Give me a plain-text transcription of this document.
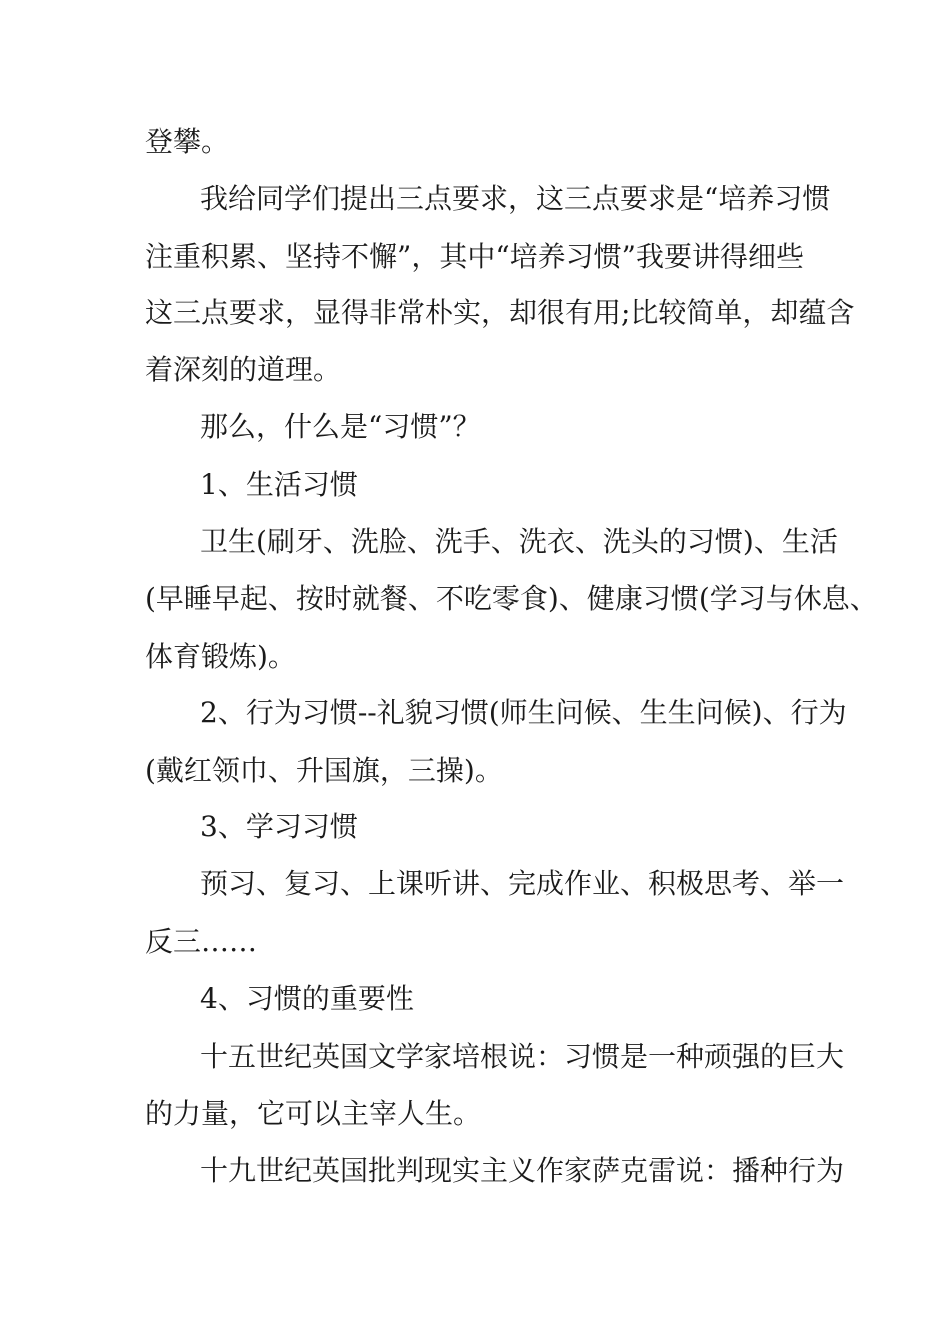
登攀。

我给同学们提出三点要求，这三点要求是“培养习惯

注重积累、坚持不懈”，其中“培养习惯”我要讲得细些

这三点要求，显得非常朴实，却很有用;比较简单，却蕴含

着深刻的道理。

那么，什么是“习惯”？

1、生活习惯

卫生(刷牙、洗脸、洗手、洗衣、洗头的习惯)、生活

(早睡早起、按时就餐、不吃零食)、健康习惯(学习与休息、

体育锻炼)。

2、行为习惯--礼貌习惯(师生问候、生生问候)、行为

(戴红领巾、升国旗，三操)。

3、学习习惯

预习、复习、上课听讲、完成作业、积极思考、举一

反三……

4、习惯的重要性

十五世纪英国文学家培根说：习惯是一种顽强的巨大

的力量，它可以主宰人生。

十九世纪英国批判现实主义作家萨克雷说：播种行为
